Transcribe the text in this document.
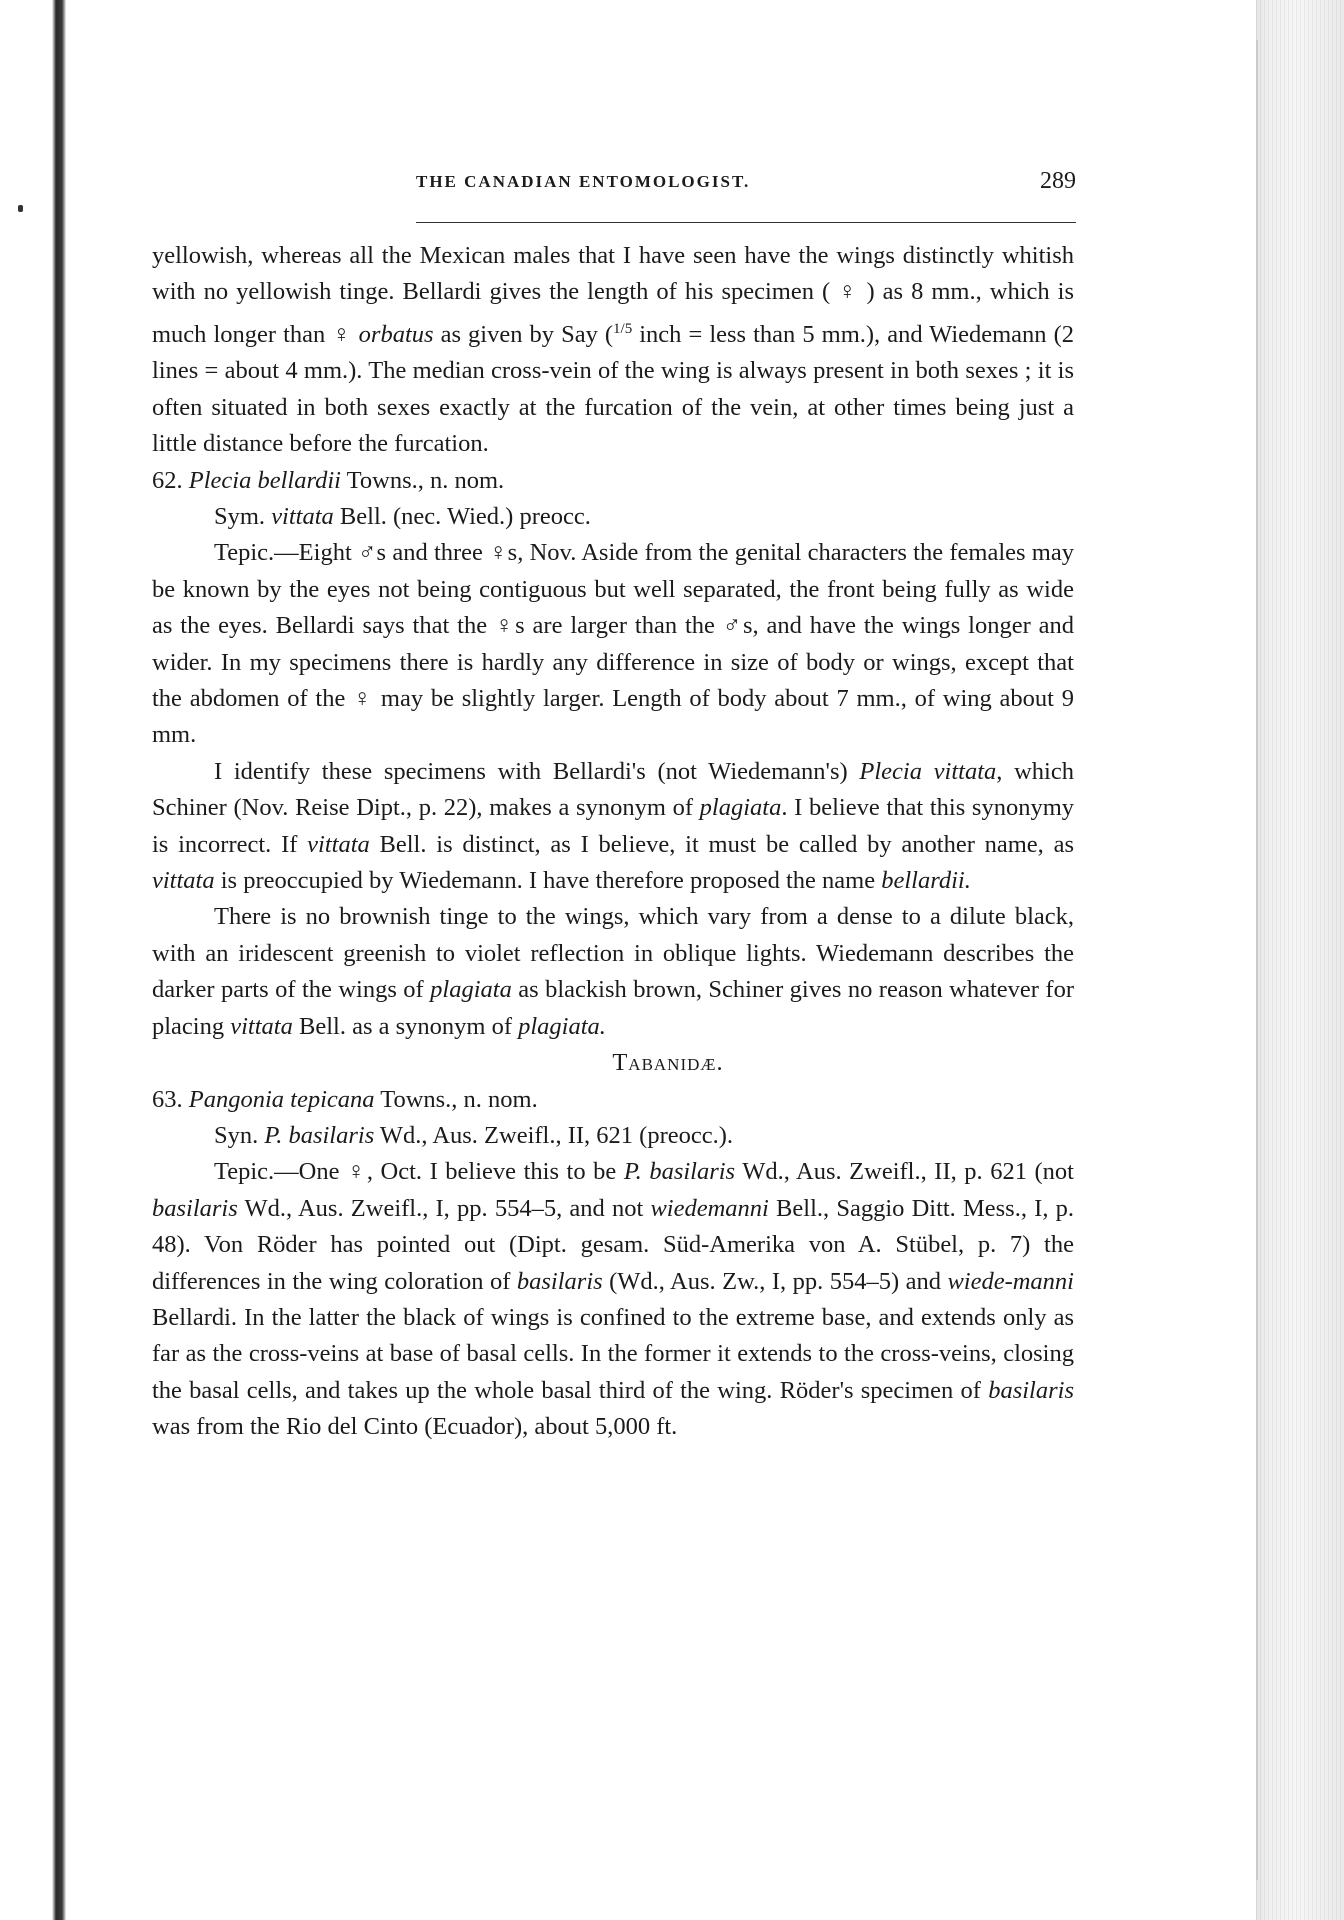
THE CANADIAN ENTOMOLOGIST.	289

yellowish, whereas all the Mexican males that I have seen have the wings distinctly whitish with no yellowish tinge. Bellardi gives the length of his specimen ( ♀ ) as 8 mm., which is much longer than ♀ orbatus as given by Say ($^{1/5}$ inch = less than 5 mm.), and Wiedemann (2 lines = about 4 mm.). The median cross-vein of the wing is always present in both sexes ; it is often situated in both sexes exactly at the furcation of the vein, at other times being just a little distance before the furcation.

62. Plecia bellardii Towns., n. nom.

Sym. vittata Bell. (nec. Wied.) preocc.

Tepic.—Eight ♂s and three ♀s, Nov. Aside from the genital characters the females may be known by the eyes not being contiguous but well separated, the front being fully as wide as the eyes. Bellardi says that the ♀s are larger than the ♂s, and have the wings longer and wider. In my specimens there is hardly any difference in size of body or wings, except that the abdomen of the ♀ may be slightly larger. Length of body about 7 mm., of wing about 9 mm.

I identify these specimens with Bellardi's (not Wiedemann's) Plecia vittata, which Schiner (Nov. Reise Dipt., p. 22), makes a synonym of plagiata. I believe that this synonymy is incorrect. If vittata Bell. is distinct, as I believe, it must be called by another name, as vittata is preoccupied by Wiedemann. I have therefore proposed the name bellardii.

There is no brownish tinge to the wings, which vary from a dense to a dilute black, with an iridescent greenish to violet reflection in oblique lights. Wiedemann describes the darker parts of the wings of plagiata as blackish brown, Schiner gives no reason whatever for placing vittata Bell. as a synonym of plagiata.

Tabanidæ.

63. Pangonia tepicana Towns., n. nom.

Syn. P. basilaris Wd., Aus. Zweifl., II, 621 (preocc.).

Tepic.—One ♀, Oct. I believe this to be P. basilaris Wd., Aus. Zweifl., II, p. 621 (not basilaris Wd., Aus. Zweifl., I, pp. 554–5, and not wiedemanni Bell., Saggio Ditt. Mess., I, p. 48). Von Röder has pointed out (Dipt. gesam. Süd-Amerika von A. Stübel, p. 7) the differences in the wing coloration of basilaris (Wd., Aus. Zw., I, pp. 554–5) and wiede-manni Bellardi. In the latter the black of wings is confined to the extreme base, and extends only as far as the cross-veins at base of basal cells. In the former it extends to the cross-veins, closing the basal cells, and takes up the whole basal third of the wing. Röder's specimen of basilaris was from the Rio del Cinto (Ecuador), about 5,000 ft.
